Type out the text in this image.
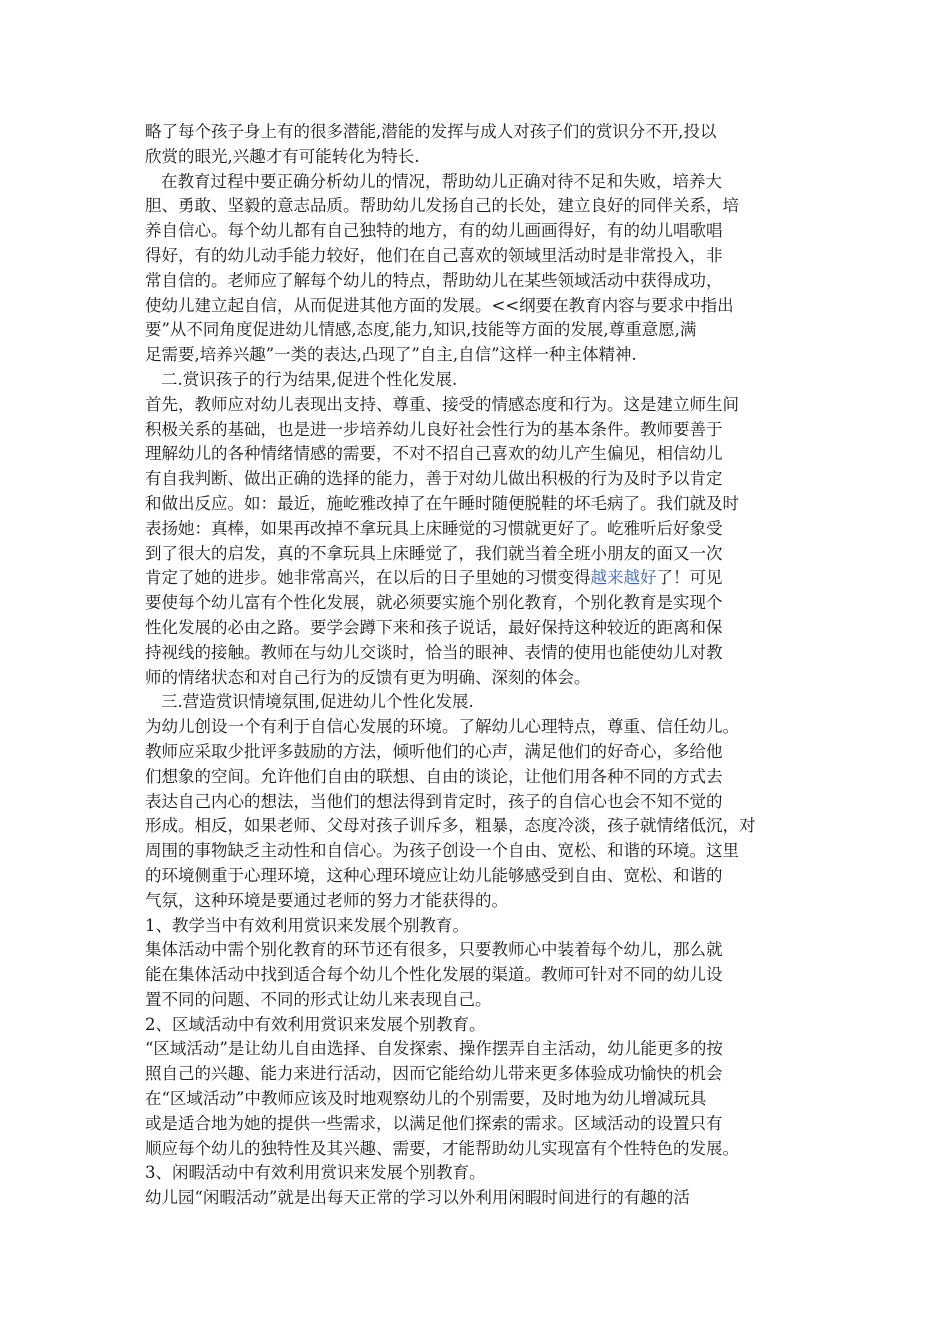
略了每个孩子身上有的很多潜能,潜能的发挥与成人对孩子们的赏识分不开,投以
欣赏的眼光,兴趣才有可能转化为特长.
在教育过程中要正确分析幼儿的情况，帮助幼儿正确对待不足和失败，培养大
胆、勇敢、坚毅的意志品质。帮助幼儿发扬自己的长处，建立良好的同伴关系，培
养自信心。每个幼儿都有自己独特的地方，有的幼儿画画得好，有的幼儿唱歌唱
得好，有的幼儿动手能力较好，他们在自己喜欢的领域里活动时是非常投入，非
常自信的。老师应了解每个幼儿的特点，帮助幼儿在某些领域活动中获得成功，
使幼儿建立起自信，从而促进其他方面的发展。<<纲要在教育内容与要求中指出
要”从不同角度促进幼儿情感,态度,能力,知识,技能等方面的发展,尊重意愿,满
足需要,培养兴趣”一类的表达,凸现了”自主,自信”这样一种主体精神.
二.赏识孩子的行为结果,促进个性化发展.
首先，教师应对幼儿表现出支持、尊重、接受的情感态度和行为。这是建立师生间
积极关系的基础，也是进一步培养幼儿良好社会性行为的基本条件。教师要善于
理解幼儿的各种情绪情感的需要，不对不招自己喜欢的幼儿产生偏见，相信幼儿
有自我判断、做出正确的选择的能力，善于对幼儿做出积极的行为及时予以肯定
和做出反应。如：最近，施屹雅改掉了在午睡时随便脱鞋的坏毛病了。我们就及时
表扬她：真棒，如果再改掉不拿玩具上床睡觉的习惯就更好了。屹雅听后好象受
到了很大的启发，真的不拿玩具上床睡觉了，我们就当着全班小朋友的面又一次
肯定了她的进步。她非常高兴，在以后的日子里她的习惯变得越来越好了！可见
要使每个幼儿富有个性化发展，就必须要实施个别化教育，个别化教育是实现个
性化发展的必由之路。要学会蹲下来和孩子说话，最好保持这种较近的距离和保
持视线的接触。教师在与幼儿交谈时，恰当的眼神、表情的使用也能使幼儿对教
师的情绪状态和对自己行为的反馈有更为明确、深刻的体会。
三.营造赏识情境氛围,促进幼儿个性化发展.
为幼儿创设一个有利于自信心发展的环境。了解幼儿心理特点，尊重、信任幼儿。
教师应采取少批评多鼓励的方法，倾听他们的心声，满足他们的好奇心，多给他
们想象的空间。允许他们自由的联想、自由的谈论，让他们用各种不同的方式去
表达自己内心的想法，当他们的想法得到肯定时，孩子的自信心也会不知不觉的
形成。相反，如果老师、父母对孩子训斥多，粗暴，态度冷淡，孩子就情绪低沉，对
周围的事物缺乏主动性和自信心。为孩子创设一个自由、宽松、和谐的环境。这里
的环境侧重于心理环境，这种心理环境应让幼儿能够感受到自由、宽松、和谐的
气氛，这种环境是要通过老师的努力才能获得的。
1、教学当中有效利用赏识来发展个别教育。
集体活动中需个别化教育的环节还有很多，只要教师心中装着每个幼儿，那么就
能在集体活动中找到适合每个幼儿个性化发展的渠道。教师可针对不同的幼儿设
置不同的问题、不同的形式让幼儿来表现自己。
2、区域活动中有效利用赏识来发展个别教育。
“区域活动”是让幼儿自由选择、自发探索、操作摆弄自主活动，幼儿能更多的按
照自己的兴趣、能力来进行活动，因而它能给幼儿带来更多体验成功愉快的机会
在“区域活动”中教师应该及时地观察幼儿的个别需要，及时地为幼儿增减玩具
或是适合地为她的提供一些需求，以满足他们探索的需求。区域活动的设置只有
顺应每个幼儿的独特性及其兴趣、需要，才能帮助幼儿实现富有个性特色的发展。
3、闲暇活动中有效利用赏识来发展个别教育。
幼儿园“闲暇活动”就是出每天正常的学习以外利用闲暇时间进行的有趣的活
